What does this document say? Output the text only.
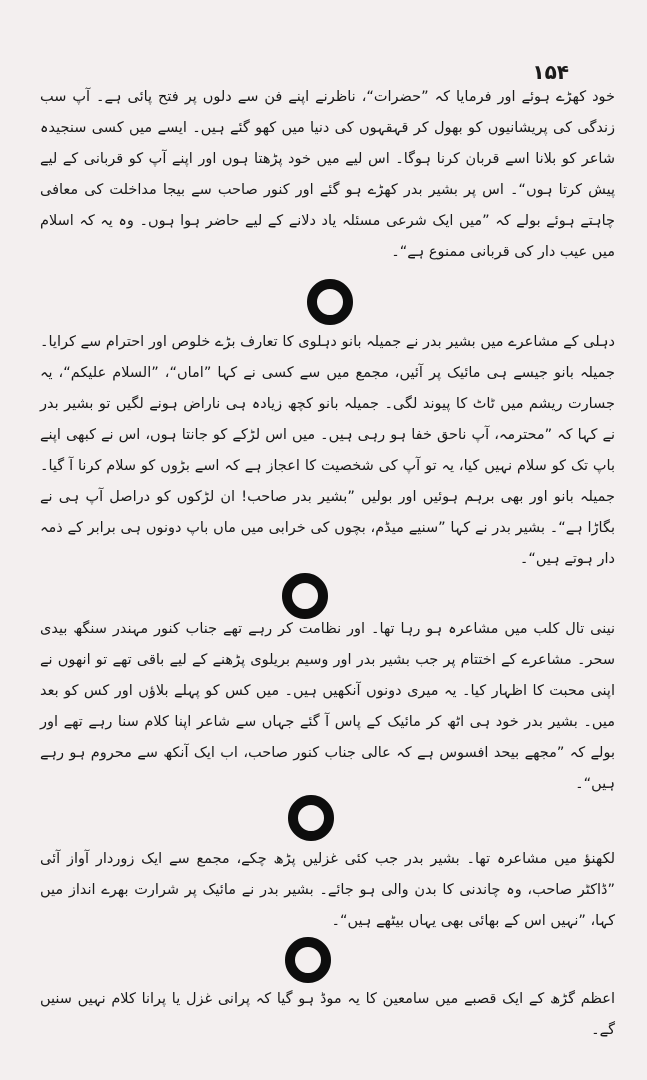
۱۵۴

خود کھڑے ہوئے اور فرمایا کہ ”حضرات“، ناظرنے اپنے فن سے دلوں پر فتح پائی ہے۔ آپ سب زندگی کی پریشانیوں کو بھول کر قہقہوں کی دنیا میں کھو گئے ہیں۔ ایسے میں کسی سنجیدہ شاعر کو بلانا اسے قربان کرنا ہوگا۔ اس لیے میں خود پڑھتا ہوں اور اپنے آپ کو قربانی کے لیے پیش کرتا ہوں“۔ اس پر بشیر بدر کھڑے ہو گئے اور کنور صاحب سے بیجا مداخلت کی معافی چاہتے ہوئے بولے کہ ”میں ایک شرعی مسئلہ یاد دلانے کے لیے حاضر ہوا ہوں۔ وہ یہ کہ اسلام میں عیب دار کی قربانی ممنوع ہے“۔

دہلی کے مشاعرے میں بشیر بدر نے جمیلہ بانو دہلوی کا تعارف بڑے خلوص اور احترام سے کرایا۔ جمیلہ بانو جیسے ہی مائیک پر آئیں، مجمع میں سے کسی نے کہا ”اماں“، ”السلام علیکم“، یہ جسارت ریشم میں ٹاٹ کا پیوند لگی۔ جمیلہ بانو کچھ زیادہ ہی ناراض ہونے لگیں تو بشیر بدر نے کہا کہ ”محترمہ، آپ ناحق خفا ہو رہی ہیں۔ میں اس لڑکے کو جانتا ہوں، اس نے کبھی اپنے باپ تک کو سلام نہیں کیا، یہ تو آپ کی شخصیت کا اعجاز ہے کہ اسے بڑوں کو سلام کرنا آ گیا۔ جمیلہ بانو اور بھی برہم ہوئیں اور بولیں ”بشیر بدر صاحب! ان لڑکوں کو دراصل آپ ہی نے بگاڑا ہے“۔ بشیر بدر نے کہا ”سنیے میڈم، بچوں کی خرابی میں ماں باپ دونوں ہی برابر کے ذمہ دار ہوتے ہیں“۔

نینی تال کلب میں مشاعرہ ہو رہا تھا۔ اور نظامت کر رہے تھے جناب کنور مہندر سنگھ بیدی سحر۔ مشاعرے کے اختتام پر جب بشیر بدر اور وسیم بریلوی پڑھنے کے لیے باقی تھے تو انھوں نے اپنی محبت کا اظہار کیا۔ یہ میری دونوں آنکھیں ہیں۔ میں کس کو پہلے بلاؤں اور کس کو بعد میں۔ بشیر بدر خود ہی اٹھ کر مائیک کے پاس آ گئے جہاں سے شاعر اپنا کلام سنا رہے تھے اور بولے کہ ”مجھے بیحد افسوس ہے کہ عالی جناب کنور صاحب، اب ایک آنکھ سے محروم ہو رہے ہیں“۔

لکھنؤ میں مشاعرہ تھا۔ بشیر بدر جب کئی غزلیں پڑھ چکے، مجمع سے ایک زوردار آواز آئی ”ڈاکٹر صاحب، وہ چاندنی کا بدن والی ہو جائے۔ بشیر بدر نے مائیک پر شرارت بھرے انداز میں کہا، ”نہیں اس کے بھائی بھی یہاں بیٹھے ہیں“۔

اعظم گڑھ کے ایک قصبے میں سامعین کا یہ موڈ ہو گیا کہ پرانی غزل یا پرانا کلام نہیں سنیں گے۔
